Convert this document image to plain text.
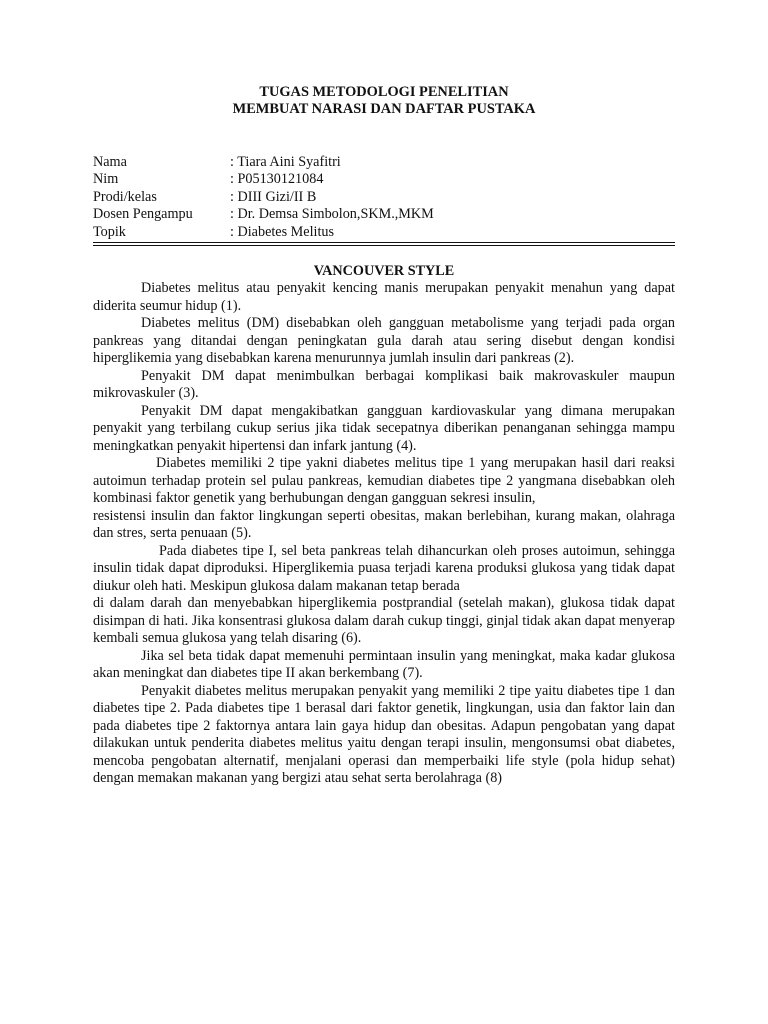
TUGAS METODOLOGI PENELITIAN
MEMBUAT NARASI DAN DAFTAR PUSTAKA
Nama	: Tiara Aini Syafitri
Nim	: P05130121084
Prodi/kelas	: DIII Gizi/II B
Dosen Pengampu	: Dr. Demsa Simbolon,SKM.,MKM
Topik	: Diabetes Melitus
VANCOUVER STYLE

Diabetes melitus atau penyakit kencing manis merupakan penyakit menahun yang dapat diderita seumur hidup (1).

Diabetes melitus (DM) disebabkan oleh gangguan metabolisme yang terjadi pada organ pankreas yang ditandai dengan peningkatan gula darah atau sering disebut dengan kondisi hiperglikemia yang disebabkan karena menurunnya jumlah insulin dari pankreas (2).

Penyakit DM dapat menimbulkan berbagai komplikasi baik makrovaskuler maupun mikrovaskuler (3).

Penyakit DM dapat mengakibatkan gangguan kardiovaskular yang dimana merupakan penyakit yang terbilang cukup serius jika tidak secepatnya diberikan penanganan sehingga mampu meningkatkan penyakit hipertensi dan infark jantung (4).

Diabetes memiliki 2 tipe yakni diabetes melitus tipe 1 yang merupakan hasil dari reaksi autoimun terhadap protein sel pulau pankreas, kemudian diabetes tipe 2 yangmana disebabkan oleh kombinasi faktor genetik yang berhubungan dengan gangguan sekresi insulin,

resistensi insulin dan faktor lingkungan seperti obesitas, makan berlebihan, kurang makan, olahraga dan stres, serta penuaan (5).

Pada diabetes tipe I, sel beta pankreas telah dihancurkan oleh proses autoimun, sehingga insulin tidak dapat diproduksi. Hiperglikemia puasa terjadi karena produksi glukosa yang tidak dapat diukur oleh hati. Meskipun glukosa dalam makanan tetap berada

di dalam darah dan menyebabkan hiperglikemia postprandial (setelah makan), glukosa tidak dapat disimpan di hati. Jika konsentrasi glukosa dalam darah cukup tinggi, ginjal tidak akan dapat menyerap kembali semua glukosa yang telah disaring (6).

Jika sel beta tidak dapat memenuhi permintaan insulin yang meningkat, maka kadar glukosa akan meningkat dan diabetes tipe II akan berkembang (7).

Penyakit diabetes melitus merupakan penyakit yang memiliki 2 tipe yaitu diabetes tipe 1 dan diabetes tipe 2. Pada diabetes tipe 1 berasal dari faktor genetik, lingkungan, usia dan faktor lain dan pada diabetes tipe 2 faktornya antara lain gaya hidup dan obesitas. Adapun pengobatan yang dapat dilakukan untuk penderita diabetes melitus yaitu dengan terapi insulin, mengonsumsi obat diabetes, mencoba pengobatan alternatif, menjalani operasi dan memperbaiki life style (pola hidup sehat) dengan memakan makanan yang bergizi atau sehat serta berolahraga (8)
